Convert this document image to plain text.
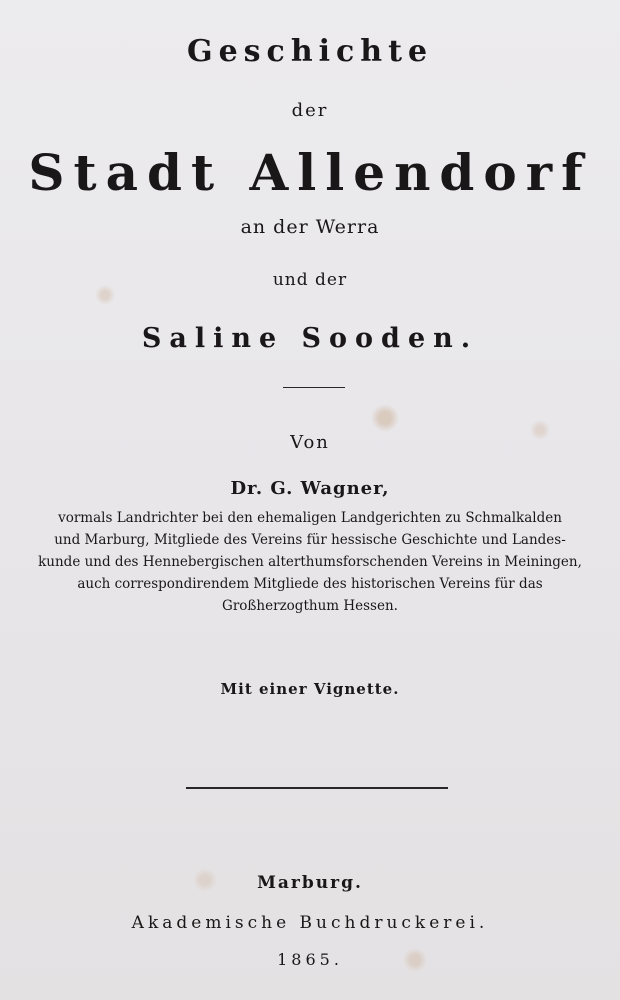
Geschichte
der
Stadt Allendorf
an der Werra
und der
Saline Sooden.
Von
Dr. G. Wagner,
vormals Landrichter bei den ehemaligen Landgerichten zu Schmalkalden
und Marburg, Mitgliede des Vereins für hessische Geschichte und Landes-
kunde und des Hennebergischen alterthumsforschenden Vereins in Meiningen,
auch correspondirendem Mitgliede des historischen Vereins für das
Großherzogthum Hessen.
Mit einer Vignette.
Marburg.
Akademische Buchdruckerei.
1865.
